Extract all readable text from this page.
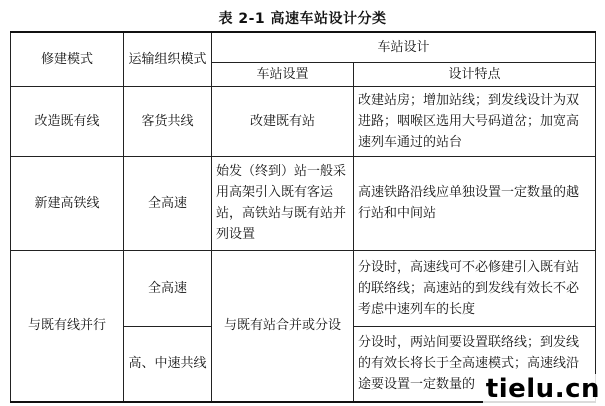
表 2-1 高速车站设计分类
修建模式	运输组织模式	车站设计	
		车站设置	设计特点
改造既有线	客货共线	改建既有站	改建站房；增加站线；到发线设计为双进路；咽喉区选用大号码道岔；加宽高速列车通过的站台
新建高铁线	全高速	始发（终到）站一般采用高架引入既有客运站，高铁站与既有站并列设置	高速铁路沿线应单独设置一定数量的越行站和中间站
与既有线并行	全高速	与既有站合并或分设	分设时，高速线可不必修建引入既有站的联络线；高速站的到发线有效长不必考虑中速列车的长度
	高、中速共线		分设时，两站间要设置联络线；到发线的有效长将长于全高速模式；高速线沿途要设置一定数量的 tielu.cn
